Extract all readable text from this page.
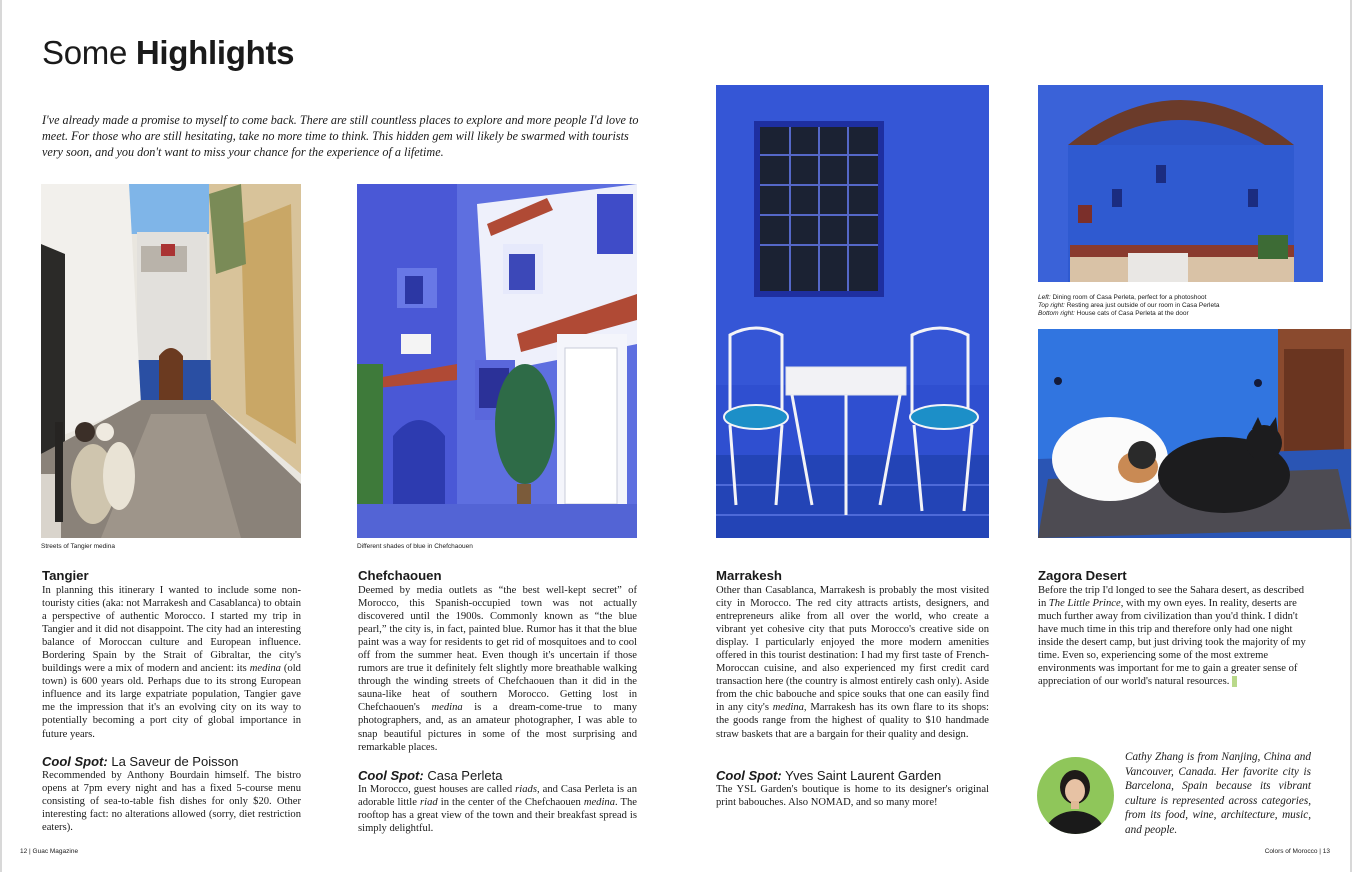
Some Highlights
I've already made a promise to myself to come back. There are still countless places to explore and more people I'd love to meet. For those who are still hesitating, take no more time to think. This hidden gem will likely be swarmed with tourists very soon, and you don't want to miss your chance for the experience of a lifetime.
Streets of Tangier medina	Different shades of blue in Chefchaouen
Left: Dining room of Casa Perleta, perfect for a photoshoot
Top right: Resting area just outside of our room in Casa Perleta
Bottom right: House cats of Casa Perleta at the door
Tangier
In planning this itinerary I wanted to include some non-touristy cities (aka: not Marrakesh and Casablanca) to obtain a perspective of authentic Morocco. I started my trip in Tangier and it did not disappoint. The city had an interesting balance of Moroccan culture and European influence. Bordering Spain by the Strait of Gibraltar, the city's buildings were a mix of modern and ancient: its medina (old town) is 600 years old. Perhaps due to its strong European influence and its large expatriate population, Tangier gave me the impression that it's an evolving city on its way to potentially becoming a port city of global importance in future years.
Cool Spot: La Saveur de Poisson
Recommended by Anthony Bourdain himself. The bistro opens at 7pm every night and has a fixed 5-course menu consisting of sea-to-table fish dishes for only $20. Other interesting fact: no alterations allowed (sorry, diet restriction eaters).
Chefchaouen
Deemed by media outlets as “the best well-kept secret” of Morocco, this Spanish-occupied town was not actually discovered until the 1900s. Commonly known as “the blue pearl,” the city is, in fact, painted blue. Rumor has it that the blue paint was a way for residents to get rid of mosquitoes and to cool off from the summer heat. Even though it's uncertain if those rumors are true it definitely felt slightly more breathable walking through the winding streets of Chefchaouen than it did in the sauna-like heat of southern Morocco. Getting lost in Chefchaouen's medina is a dream-come-true to many photographers, and, as an amateur photographer, I was able to snap beautiful pictures in some of the most surprising and remarkable places.
Cool Spot: Casa Perleta
In Morocco, guest houses are called riads, and Casa Perleta is an adorable little riad in the center of the Chefchaouen medina. The rooftop has a great view of the town and their breakfast spread is simply delightful.
Marrakesh
Other than Casablanca, Marrakesh is probably the most visited city in Morocco. The red city attracts artists, designers, and entrepreneurs alike from all over the world, who create a vibrant yet cohesive city that puts Morocco's creative side on display. I particularly enjoyed the more modern amenities offered in this tourist destination: I had my first taste of French-Moroccan cuisine, and also experienced my first credit card transaction here (the country is almost entirely cash only). Aside from the chic babouche and spice souks that one can easily find in any city's medina, Marrakesh has its own flare to its shops: the goods range from the highest of quality to $10 handmade straw baskets that are a bargain for their quality and design.
Cool Spot: Yves Saint Laurent Garden
The YSL Garden's boutique is home to its designer's original print babouches. Also NOMAD, and so many more!
Zagora Desert
Before the trip I'd longed to see the Sahara desert, as described in The Little Prince, with my own eyes. In reality, deserts are much further away from civilization than you'd think. I didn't have much time in this trip and therefore only had one night inside the desert camp, but just driving took the majority of my time. Even so, experiencing some of the most extreme environments was important for me to gain a greater sense of appreciation of our world's natural resources.
Cathy Zhang is from Nanjing, China and Vancouver, Canada. Her favorite city is Barcelona, Spain because its vibrant culture is represented across categories, from its food, wine, architecture, music, and people.
12 | Guac Magazine	Colors of Morocco | 13
